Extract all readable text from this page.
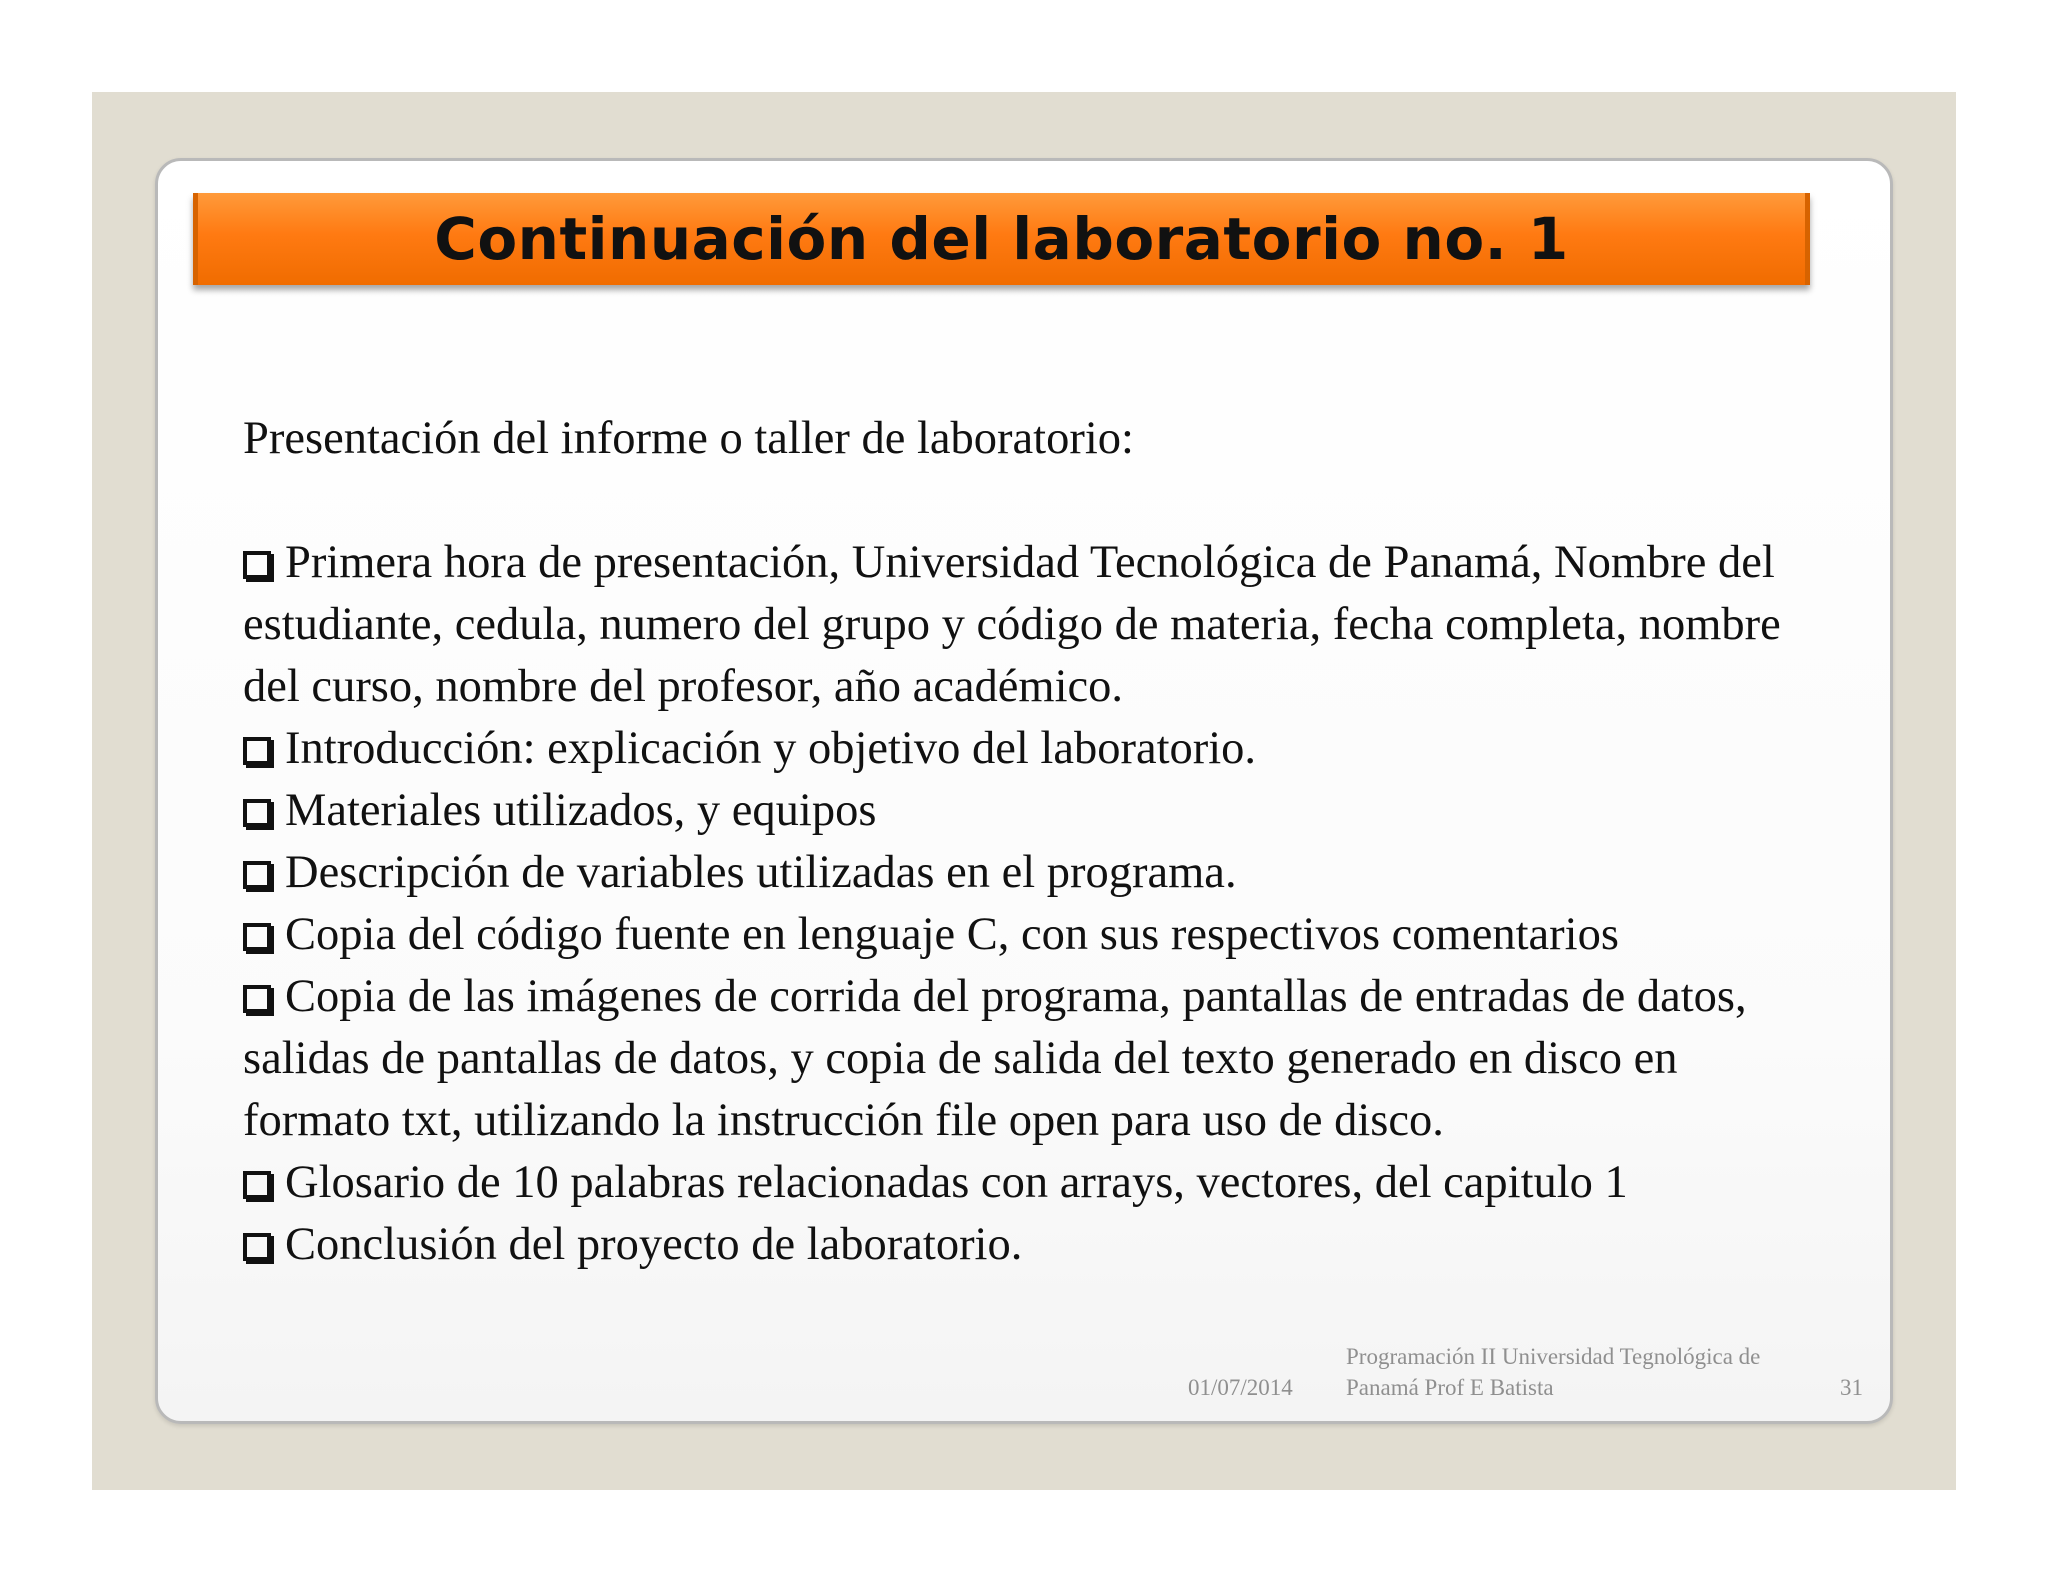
Continuación del laboratorio no. 1

Presentación del informe o taller de laboratorio:

Primera hora de presentación, Universidad Tecnológica de Panamá, Nombre del estudiante, cedula, numero del grupo y código de materia, fecha completa, nombre del curso, nombre del profesor, año académico.

Introducción: explicación y objetivo del laboratorio.

Materiales utilizados, y equipos

Descripción de variables utilizadas en el programa.

Copia del código fuente en lenguaje C, con sus respectivos comentarios

Copia de las imágenes de corrida del programa, pantallas de entradas de datos, salidas de pantallas de datos, y copia de salida del texto generado en disco en formato txt, utilizando la instrucción file open para uso de disco.

Glosario de 10 palabras relacionadas con arrays, vectores, del capitulo 1

Conclusión del proyecto de laboratorio.

01/07/2014
Programación II Universidad Tegnológica de Panamá Prof E Batista	31
